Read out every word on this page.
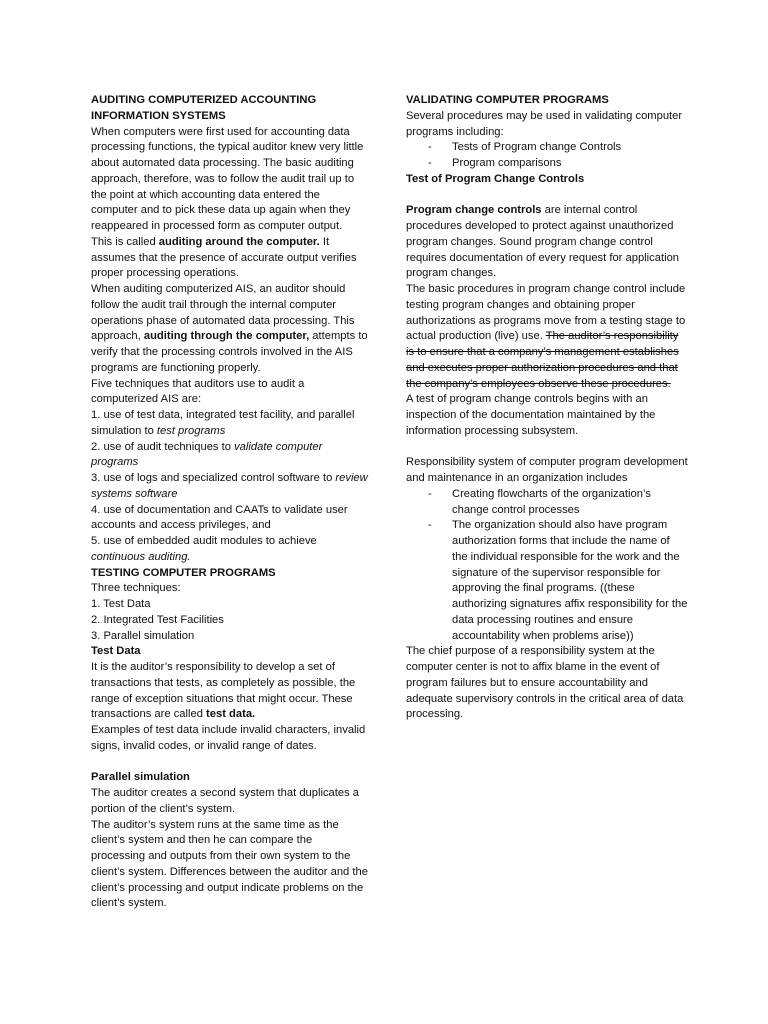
AUDITING COMPUTERIZED ACCOUNTING INFORMATION SYSTEMS

When computers were first used for accounting data processing functions, the typical auditor knew very little about automated data processing. The basic auditing approach, therefore, was to follow the audit trail up to the point at which accounting data entered the computer and to pick these data up again when they reappeared in processed form as computer output.

This is called auditing around the computer. It assumes that the presence of accurate output verifies proper processing operations.

When auditing computerized AIS, an auditor should follow the audit trail through the internal computer operations phase of automated data processing. This approach, auditing through the computer, attempts to verify that the processing controls involved in the AIS programs are functioning properly.

Five techniques that auditors use to audit a computerized AIS are:

1. use of test data, integrated test facility, and parallel simulation to test programs

2. use of audit techniques to validate computer programs

3. use of logs and specialized control software to review systems software

4. use of documentation and CAATs to validate user accounts and access privileges, and

5. use of embedded audit modules to achieve continuous auditing.

TESTING COMPUTER PROGRAMS

Three techniques:

1. Test Data

2. Integrated Test Facilities

3. Parallel simulation

Test Data

It is the auditor’s responsibility to develop a set of transactions that tests, as completely as possible, the range of exception situations that might occur. These transactions are called test data.

Examples of test data include invalid characters, invalid signs, invalid codes, or invalid range of dates.

Parallel simulation

The auditor creates a second system that duplicates a portion of the client’s system.

The auditor’s system runs at the same time as the client’s system and then he can compare the processing and outputs from their own system to the client’s system. Differences between the auditor and the client’s processing and output indicate problems on the client’s system.

VALIDATING COMPUTER PROGRAMS

Several procedures may be used in validating computer programs including:

- Tests of Program change Controls
- Program comparisons

Test of Program Change Controls

Program change controls are internal control procedures developed to protect against unauthorized program changes. Sound program change control requires documentation of every request for application program changes.

The basic procedures in program change control include testing program changes and obtaining proper authorizations as programs move from a testing stage to actual production (live) use. The auditor’s responsibility is to ensure that a company’s management establishes and executes proper authorization procedures and that the company’s employees observe these procedures.

A test of program change controls begins with an inspection of the documentation maintained by the information processing subsystem.

Responsibility system of computer program development and maintenance in an organization includes

- Creating flowcharts of the organization’s change control processes
- The organization should also have program authorization forms that include the name of the individual responsible for the work and the signature of the supervisor responsible for approving the final programs. ((these authorizing signatures affix responsibility for the data processing routines and ensure accountability when problems arise))

The chief purpose of a responsibility system at the computer center is not to affix blame in the event of program failures but to ensure accountability and adequate supervisory controls in the critical area of data processing.
